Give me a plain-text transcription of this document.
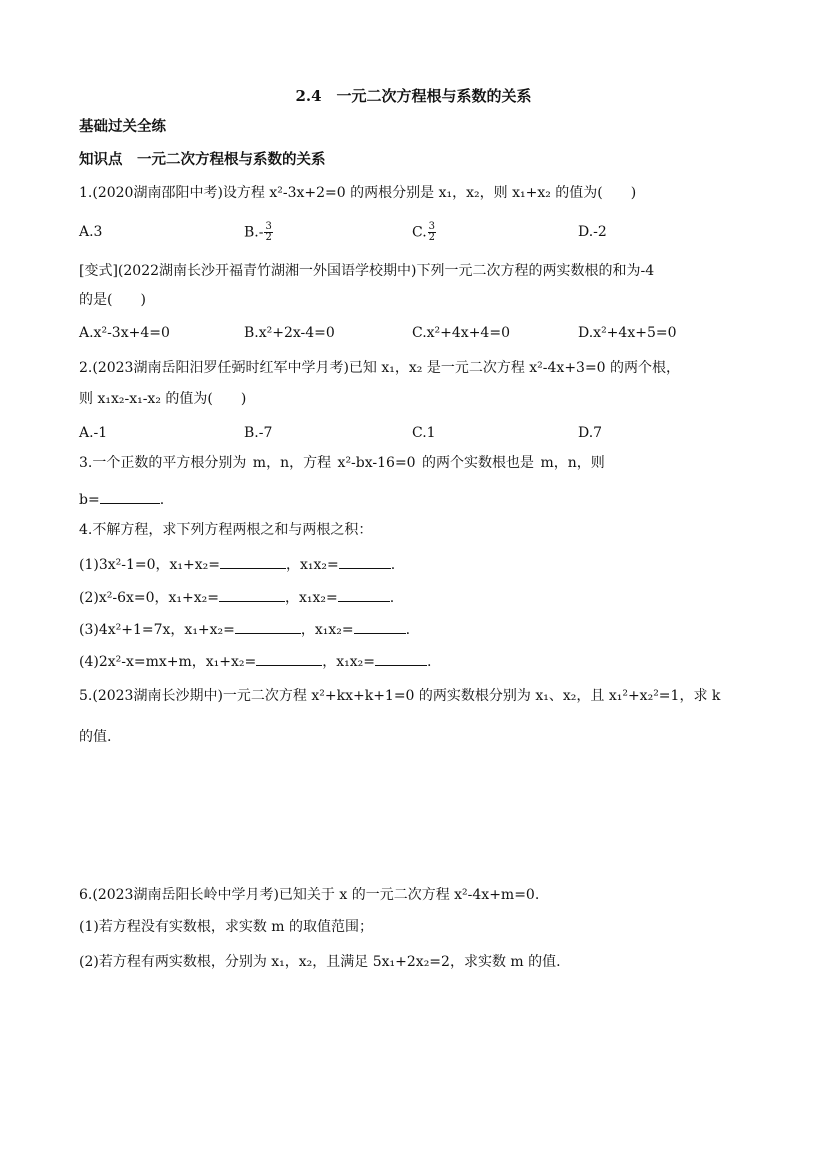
2.4　一元二次方程根与系数的关系
基础过关全练
知识点　一元二次方程根与系数的关系
1.(2020湖南邵阳中考)设方程 x²-3x+2=0 的两根分别是 x₁，x₂，则 x₁+x₂ 的值为(　　)
A.3	$B.- \frac{3}{2}$	C. $\frac{3}{2}$	D.-2
[变式](2022湖南长沙开福青竹湖湘一外国语学校期中)下列一元二次方程的两实数根的和为-4
的是(　　)
A.x²-3x+4=0	B.x²+2x-4=0	C.x²+4x+4=0	D.x²+4x+5=0
2.(2023湖南岳阳汨罗任弼时红军中学月考)已知 x₁，x₂ 是一元二次方程 x²-4x+3=0 的两个根，
则 x₁x₂-x₁-x₂ 的值为(　　)
A.-1	B.-7	C.1	D.7
3.一个正数的平方根分别为 m，n，方程 x²-bx-16=0 的两个实数根也是 m，n，则
b=	.
4.不解方程，求下列方程两根之和与两根之积：
(1)3x²-1=0，x₁+x₂=	，x₁x₂=	.
(2)x²-6x=0，x₁+x₂=	，x₁x₂=	.
(3)4x²+1=7x，x₁+x₂=	，x₁x₂=	.
(4)2x²-x=mx+m，x₁+x₂=	，x₁x₂=	.
5.(2023湖南长沙期中)一元二次方程 x²+kx+k+1=0 的两实数根分别为 x₁、x₂，且 x₁²+x₂²=1，求 k
的值.
6.(2023湖南岳阳长岭中学月考)已知关于 x 的一元二次方程 x²-4x+m=0.
(1)若方程没有实数根，求实数 m 的取值范围；
(2)若方程有两实数根，分别为 x₁，x₂，且满足 5x₁+2x₂=2，求实数 m 的值.
